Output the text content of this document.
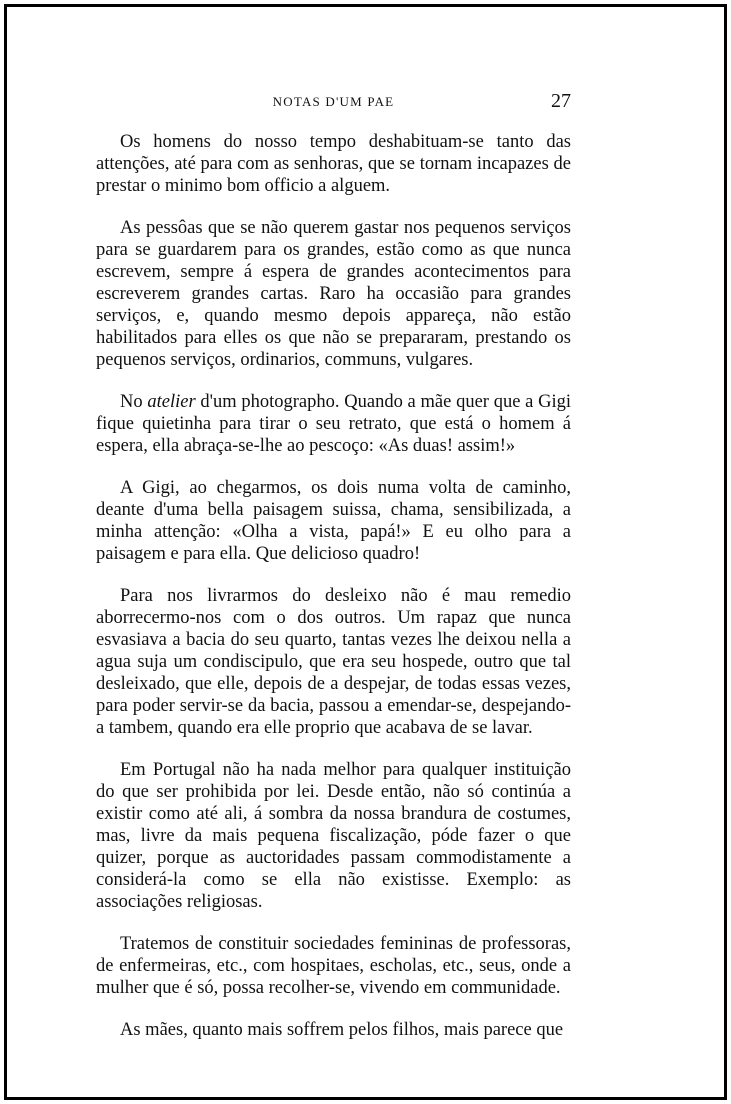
NOTAS D'UM PAE	27

Os homens do nosso tempo deshabituam-se tanto das attenções, até para com as senhoras, que se tornam incapazes de prestar o minimo bom officio a alguem.

As pessôas que se não querem gastar nos pequenos serviços para se guardarem para os grandes, estão como as que nunca escrevem, sempre á espera de grandes acontecimentos para escreverem grandes cartas. Raro ha occasião para grandes serviços, e, quando mesmo depois appareça, não estão habilitados para elles os que não se prepararam, prestando os pequenos serviços, ordinarios, communs, vulgares.

No atelier d'um photographo. Quando a mãe quer que a Gigi fique quietinha para tirar o seu retrato, que está o homem á espera, ella abraça-se-lhe ao pescoço: «As duas! assim!»

A Gigi, ao chegarmos, os dois numa volta de caminho, deante d'uma bella paisagem suissa, chama, sensibilizada, a minha attenção: «Olha a vista, papá!» E eu olho para a paisagem e para ella. Que delicioso quadro!

Para nos livrarmos do desleixo não é mau remedio aborrecermo-nos com o dos outros. Um rapaz que nunca esvasiava a bacia do seu quarto, tantas vezes lhe deixou nella a agua suja um condiscipulo, que era seu hospede, outro que tal desleixado, que elle, depois de a despejar, de todas essas vezes, para poder servir-se da bacia, passou a emendar-se, despejando-a tambem, quando era elle proprio que acabava de se lavar.

Em Portugal não ha nada melhor para qualquer instituição do que ser prohibida por lei. Desde então, não só continúa a existir como até ali, á sombra da nossa brandura de costumes, mas, livre da mais pequena fiscalização, póde fazer o que quizer, porque as auctoridades passam commodistamente a considerá-la como se ella não existisse. Exemplo: as associações religiosas.

Tratemos de constituir sociedades femininas de professoras, de enfermeiras, etc., com hospitaes, escholas, etc., seus, onde a mulher que é só, possa recolher-se, vivendo em communidade.

As mães, quanto mais soffrem pelos filhos, mais parece que
